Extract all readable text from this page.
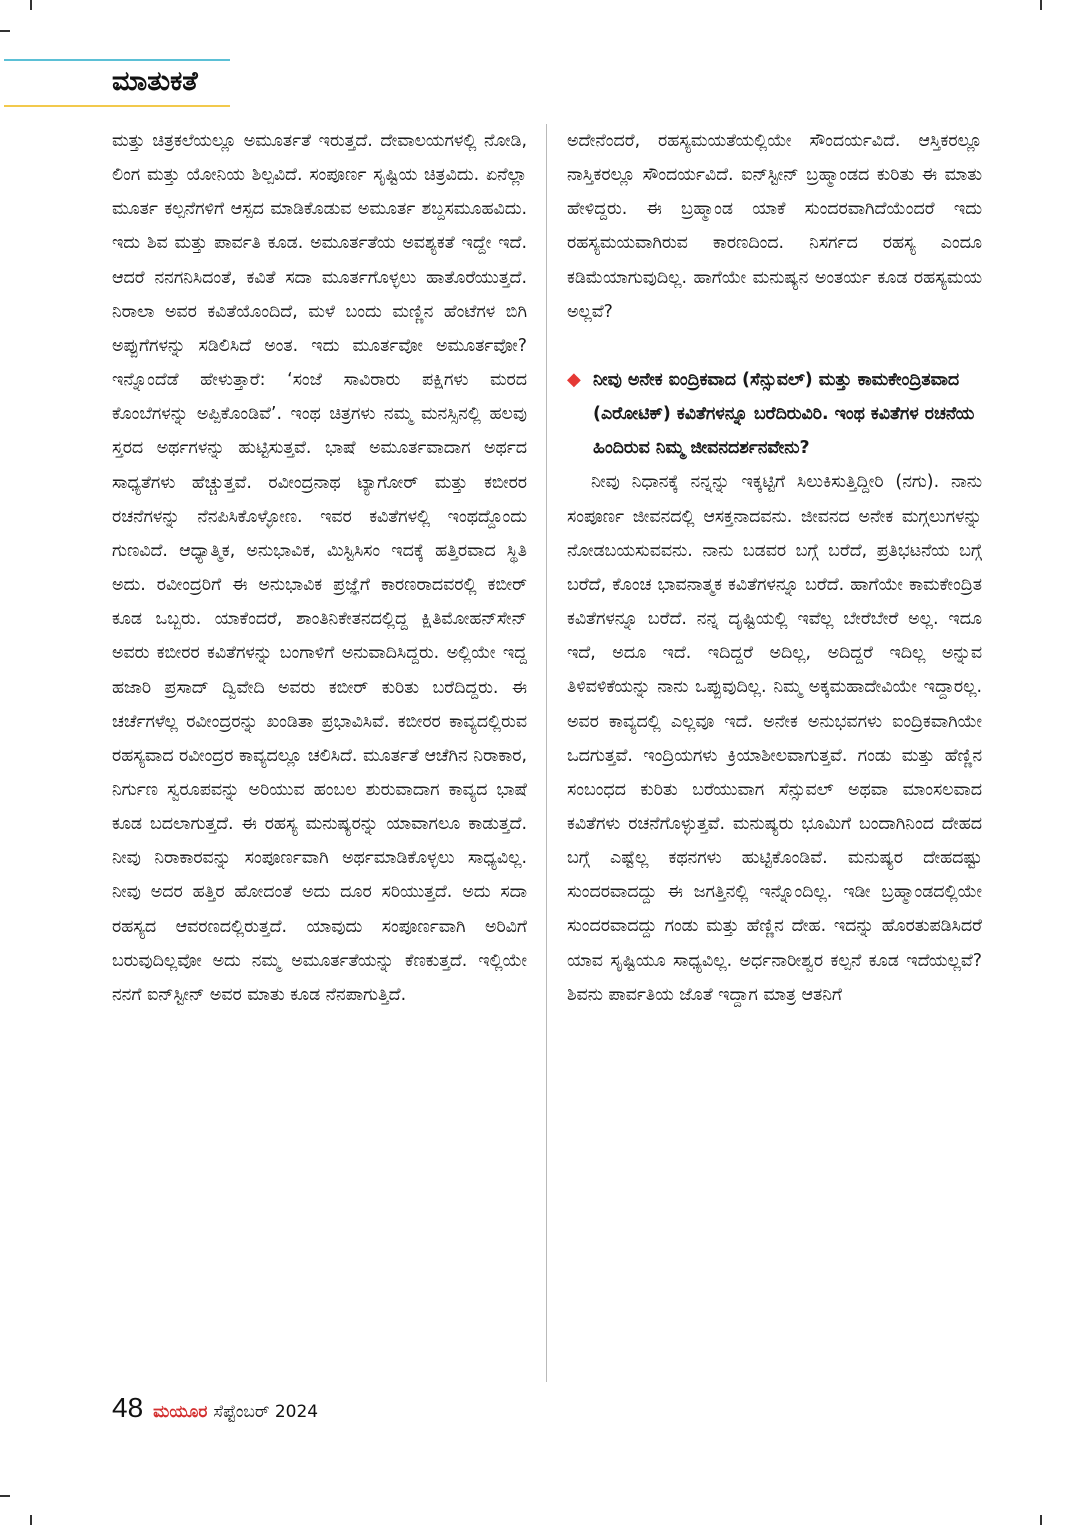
ಮಾತುಕತೆ

ಮತ್ತು ಚಿತ್ರಕಲೆಯಲ್ಲೂ ಅಮೂರ್ತತೆ ಇರುತ್ತದೆ. ದೇವಾಲಯಗಳಲ್ಲಿ ನೋಡಿ, ಲಿಂಗ ಮತ್ತು ಯೋನಿಯ ಶಿಲ್ಪವಿದೆ. ಸಂಪೂರ್ಣ ಸೃಷ್ಟಿಯ ಚಿತ್ರವಿದು. ಏನೆಲ್ಲಾ ಮೂರ್ತ ಕಲ್ಪನೆಗಳಿಗೆ ಆಸ್ಪದ ಮಾಡಿಕೊಡುವ ಅಮೂರ್ತ ಶಬ್ದಸಮೂಹವಿದು. ಇದು ಶಿವ ಮತ್ತು ಪಾರ್ವತಿ ಕೂಡ. ಅಮೂರ್ತತೆಯ ಅವಶ್ಯಕತೆ ಇದ್ದೇ ಇದೆ. ಆದರೆ ನನಗನಿಸಿದಂತೆ, ಕವಿತೆ ಸದಾ ಮೂರ್ತಗೊಳ್ಳಲು ಹಾತೊರೆಯುತ್ತದೆ. ನಿರಾಲಾ ಅವರ ಕವಿತೆಯೊಂದಿದೆ, ಮಳೆ ಬಂದು ಮಣ್ಣಿನ ಹೆಂಟೆಗಳ ಬಿಗಿ ಅಪ್ಪುಗೆಗಳನ್ನು ಸಡಿಲಿಸಿದೆ ಅಂತ. ಇದು ಮೂರ್ತವೋ ಅಮೂರ್ತವೋ? ಇನ್ನೊಂದೆಡೆ ಹೇಳುತ್ತಾರೆ: ‘ಸಂಜೆ ಸಾವಿರಾರು ಪಕ್ಷಿಗಳು ಮರದ ಕೊಂಬೆಗಳನ್ನು ಅಪ್ಪಿಕೊಂಡಿವೆ’. ಇಂಥ ಚಿತ್ರಗಳು ನಮ್ಮ ಮನಸ್ಸಿನಲ್ಲಿ ಹಲವು ಸ್ತರದ ಅರ್ಥಗಳನ್ನು ಹುಟ್ಟಿಸುತ್ತವೆ. ಭಾಷೆ ಅಮೂರ್ತವಾದಾಗ ಅರ್ಥದ ಸಾಧ್ಯತೆಗಳು ಹೆಚ್ಚುತ್ತವೆ. ರವೀಂದ್ರನಾಥ ಟ್ಯಾಗೋರ್ ಮತ್ತು ಕಬೀರರ ರಚನೆಗಳನ್ನು ನೆನಪಿಸಿಕೊಳ್ಳೋಣ. ಇವರ ಕವಿತೆಗಳಲ್ಲಿ ಇಂಥದ್ದೊಂದು ಗುಣವಿದೆ. ಆಧ್ಯಾತ್ಮಿಕ, ಅನುಭಾವಿಕ, ಮಿಸ್ಟಿಸಿಸಂ ಇದಕ್ಕೆ ಹತ್ತಿರವಾದ ಸ್ಥಿತಿ ಅದು. ರವೀಂದ್ರರಿಗೆ ಈ ಅನುಭಾವಿಕ ಪ್ರಜ್ಞೆಗೆ ಕಾರಣರಾದವರಲ್ಲಿ ಕಬೀರ್ ಕೂಡ ಒಬ್ಬರು. ಯಾಕೆಂದರೆ, ಶಾಂತಿನಿಕೇತನದಲ್ಲಿದ್ದ ಕ್ಷಿತಿಮೋಹನ್‌ಸೇನ್ ಅವರು ಕಬೀರರ ಕವಿತೆಗಳನ್ನು ಬಂಗಾಳಿಗೆ ಅನುವಾದಿಸಿದ್ದರು. ಅಲ್ಲಿಯೇ ಇದ್ದ ಹಜಾರಿ ಪ್ರಸಾದ್ ದ್ವಿವೇದಿ ಅವರು ಕಬೀರ್ ಕುರಿತು ಬರೆದಿದ್ದರು. ಈ ಚರ್ಚೆಗಳೆಲ್ಲ ರವೀಂದ್ರರನ್ನು ಖಂಡಿತಾ ಪ್ರಭಾವಿಸಿವೆ. ಕಬೀರರ ಕಾವ್ಯದಲ್ಲಿರುವ ರಹಸ್ಯವಾದ ರವೀಂದ್ರರ ಕಾವ್ಯದಲ್ಲೂ ಚಲಿಸಿದೆ. ಮೂರ್ತತೆ ಆಚೆಗಿನ ನಿರಾಕಾರ, ನಿರ್ಗುಣ ಸ್ವರೂಪವನ್ನು ಅರಿಯುವ ಹಂಬಲ ಶುರುವಾದಾಗ ಕಾವ್ಯದ ಭಾಷೆ ಕೂಡ ಬದಲಾಗುತ್ತದೆ. ಈ ರಹಸ್ಯ ಮನುಷ್ಯರನ್ನು ಯಾವಾಗಲೂ ಕಾಡುತ್ತದೆ. ನೀವು ನಿರಾಕಾರವನ್ನು ಸಂಪೂರ್ಣವಾಗಿ ಅರ್ಥಮಾಡಿಕೊಳ್ಳಲು ಸಾಧ್ಯವಿಲ್ಲ. ನೀವು ಅದರ ಹತ್ತಿರ ಹೋದಂತೆ ಅದು ದೂರ ಸರಿಯುತ್ತದೆ. ಅದು ಸದಾ ರಹಸ್ಯದ ಆವರಣದಲ್ಲಿರುತ್ತದೆ. ಯಾವುದು ಸಂಪೂರ್ಣವಾಗಿ ಅರಿವಿಗೆ ಬರುವುದಿಲ್ಲವೋ ಅದು ನಮ್ಮ ಅಮೂರ್ತತೆಯನ್ನು ಕೆಣಕುತ್ತದೆ. ಇಲ್ಲಿಯೇ ನನಗೆ ಐನ್‌ಸ್ಟೀನ್ ಅವರ ಮಾತು ಕೂಡ ನೆನಪಾಗುತ್ತಿದೆ.

ಅದೇನೆಂದರೆ, ರಹಸ್ಯಮಯತೆಯಲ್ಲಿಯೇ ಸೌಂದರ್ಯವಿದೆ. ಆಸ್ತಿಕರಲ್ಲೂ ನಾಸ್ತಿಕರಲ್ಲೂ ಸೌಂದರ್ಯವಿದೆ. ಐನ್‌ಸ್ಟೀನ್ ಬ್ರಹ್ಮಾಂಡದ ಕುರಿತು ಈ ಮಾತು ಹೇಳಿದ್ದರು. ಈ ಬ್ರಹ್ಮಾಂಡ ಯಾಕೆ ಸುಂದರವಾಗಿದೆಯೆಂದರೆ ಇದು ರಹಸ್ಯಮಯವಾಗಿರುವ ಕಾರಣದಿಂದ. ನಿಸರ್ಗದ ರಹಸ್ಯ ಎಂದೂ ಕಡಿಮೆಯಾಗುವುದಿಲ್ಲ. ಹಾಗೆಯೇ ಮನುಷ್ಯನ ಅಂತರ್ಯ ಕೂಡ ರಹಸ್ಯಮಯ ಅಲ್ಲವೆ?

◆ ನೀವು ಅನೇಕ ಐಂದ್ರಿಕವಾದ (ಸೆನ್ಸುವಲ್) ಮತ್ತು ಕಾಮಕೇಂದ್ರಿತವಾದ (ಎರೋಟಿಕ್) ಕವಿತೆಗಳನ್ನೂ ಬರೆದಿರುವಿರಿ. ಇಂಥ ಕವಿತೆಗಳ ರಚನೆಯ ಹಿಂದಿರುವ ನಿಮ್ಮ ಜೀವನದರ್ಶನವೇನು?

ನೀವು ನಿಧಾನಕ್ಕೆ ನನ್ನನ್ನು ಇಕ್ಕಟ್ಟಿಗೆ ಸಿಲುಕಿಸುತ್ತಿದ್ದೀರಿ (ನಗು). ನಾನು ಸಂಪೂರ್ಣ ಜೀವನದಲ್ಲಿ ಆಸಕ್ತನಾದವನು. ಜೀವನದ ಅನೇಕ ಮಗ್ಗಲುಗಳನ್ನು ನೋಡಬಯಸುವವನು. ನಾನು ಬಡವರ ಬಗ್ಗೆ ಬರೆದೆ, ಪ್ರತಿಭಟನೆಯ ಬಗ್ಗೆ ಬರೆದೆ, ಕೊಂಚ ಭಾವನಾತ್ಮಕ ಕವಿತೆಗಳನ್ನೂ ಬರೆದೆ. ಹಾಗೆಯೇ ಕಾಮಕೇಂದ್ರಿತ ಕವಿತೆಗಳನ್ನೂ ಬರೆದೆ. ನನ್ನ ದೃಷ್ಟಿಯಲ್ಲಿ ಇವೆಲ್ಲ ಬೇರೆಬೇರೆ ಅಲ್ಲ. ಇದೂ ಇದೆ, ಅದೂ ಇದೆ. ಇದಿದ್ದರೆ ಅದಿಲ್ಲ, ಅದಿದ್ದರೆ ಇದಿಲ್ಲ ಅನ್ನುವ ತಿಳಿವಳಿಕೆಯನ್ನು ನಾನು ಒಪ್ಪುವುದಿಲ್ಲ. ನಿಮ್ಮ ಅಕ್ಕಮಹಾದೇವಿಯೇ ಇದ್ದಾರಲ್ಲ. ಅವರ ಕಾವ್ಯದಲ್ಲಿ ಎಲ್ಲವೂ ಇದೆ. ಅನೇಕ ಅನುಭವಗಳು ಐಂದ್ರಿಕವಾಗಿಯೇ ಒದಗುತ್ತವೆ. ಇಂದ್ರಿಯಗಳು ಕ್ರಿಯಾಶೀಲವಾಗುತ್ತವೆ. ಗಂಡು ಮತ್ತು ಹೆಣ್ಣಿನ ಸಂಬಂಧದ ಕುರಿತು ಬರೆಯುವಾಗ ಸೆನ್ಸುವಲ್ ಅಥವಾ ಮಾಂಸಲವಾದ ಕವಿತೆಗಳು ರಚನೆಗೊಳ್ಳುತ್ತವೆ. ಮನುಷ್ಯರು ಭೂಮಿಗೆ ಬಂದಾಗಿನಿಂದ ದೇಹದ ಬಗ್ಗೆ ಎಷ್ಟೆಲ್ಲ ಕಥನಗಳು ಹುಟ್ಟಿಕೊಂಡಿವೆ. ಮನುಷ್ಯರ ದೇಹದಷ್ಟು ಸುಂದರವಾದದ್ದು ಈ ಜಗತ್ತಿನಲ್ಲಿ ಇನ್ನೊಂದಿಲ್ಲ. ಇಡೀ ಬ್ರಹ್ಮಾಂಡದಲ್ಲಿಯೇ ಸುಂದರವಾದದ್ದು ಗಂಡು ಮತ್ತು ಹೆಣ್ಣಿನ ದೇಹ. ಇದನ್ನು ಹೊರತುಪಡಿಸಿದರೆ ಯಾವ ಸೃಷ್ಟಿಯೂ ಸಾಧ್ಯವಿಲ್ಲ. ಅರ್ಧನಾರೀಶ್ವರ ಕಲ್ಪನೆ ಕೂಡ ಇದೆಯಲ್ಲವೆ? ಶಿವನು ಪಾರ್ವತಿಯ ಜೊತೆ ಇದ್ದಾಗ ಮಾತ್ರ ಆತನಿಗೆ

48 ಮಯೂರ ಸೆಪ್ಟೆಂಬರ್ 2024
